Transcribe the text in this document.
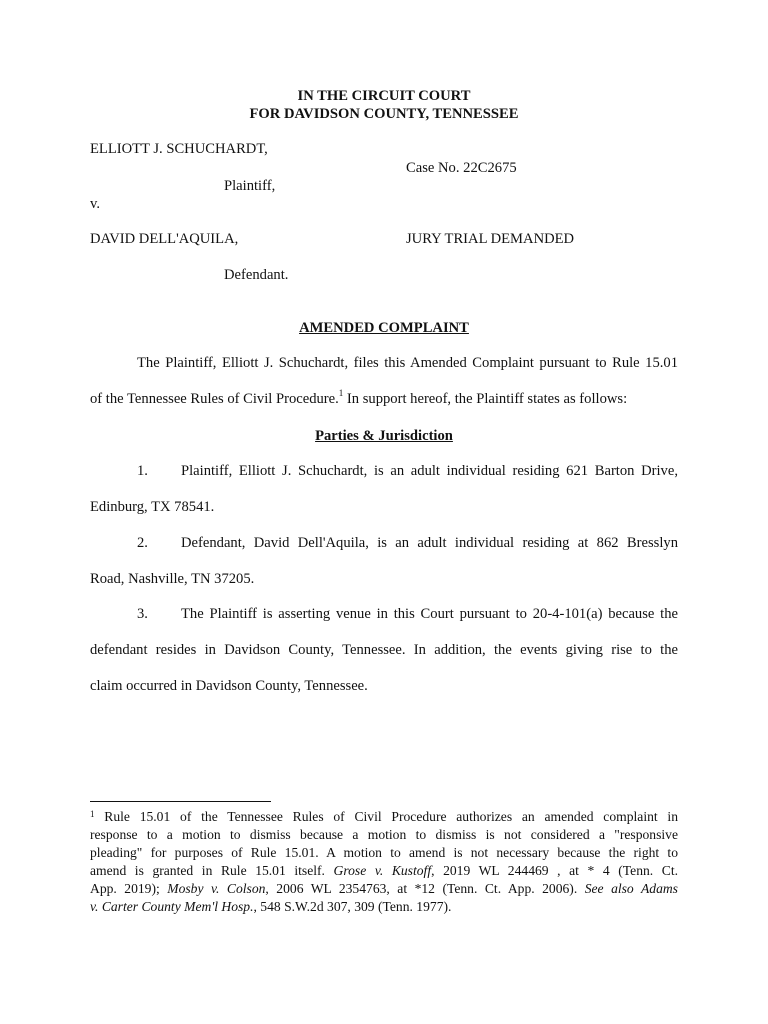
IN THE CIRCUIT COURT
FOR DAVIDSON COUNTY, TENNESSEE
ELLIOTT J. SCHUCHARDT,
Case No. 22C2675
Plaintiff,
v.
DAVID DELL'AQUILA,	JURY TRIAL DEMANDED
Defendant.
AMENDED COMPLAINT
The Plaintiff, Elliott J. Schuchardt, files this Amended Complaint pursuant to Rule 15.01
of the Tennessee Rules of Civil Procedure.$^1$ In support hereof, the Plaintiff states as follows:
Parties & Jurisdiction
1. Plaintiff, Elliott J. Schuchardt, is an adult individual residing 621 Barton Drive,
Edinburg, TX 78541.
2. Defendant, David Dell'Aquila, is an adult individual residing at 862 Bresslyn
Road, Nashville, TN 37205.
3. The Plaintiff is asserting venue in this Court pursuant to 20-4-101(a) because the
defendant resides in Davidson County, Tennessee. In addition, the events giving rise to the
claim occurred in Davidson County, Tennessee.
$^1$ Rule 15.01 of the Tennessee Rules of Civil Procedure authorizes an amended complaint in
response to a motion to dismiss because a motion to dismiss is not considered a "responsive
pleading" for purposes of Rule 15.01. A motion to amend is not necessary because the right to
amend is granted in Rule 15.01 itself. Grose v. Kustoff, 2019 WL 244469 , at * 4 (Tenn. Ct.
App. 2019); Mosby v. Colson, 2006 WL 2354763, at *12 (Tenn. Ct. App. 2006). See also Adams
v. Carter County Mem'l Hosp., 548 S.W.2d 307, 309 (Tenn. 1977).
